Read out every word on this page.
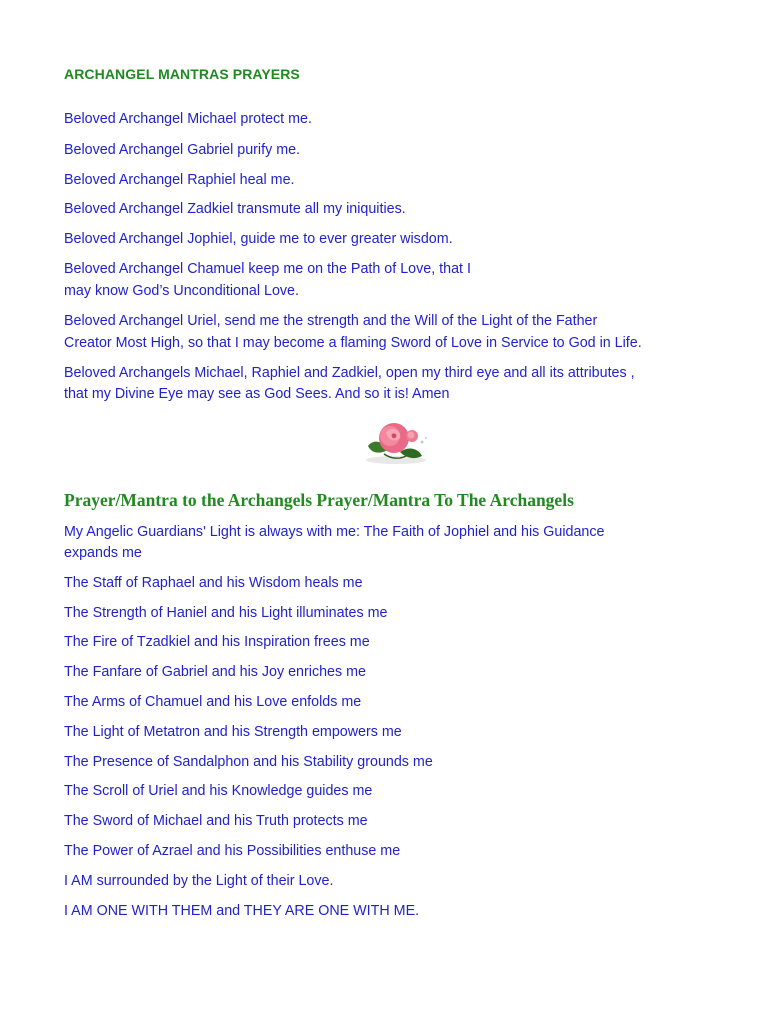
ARCHANGEL MANTRAS PRAYERS
Beloved Archangel Michael protect me.
Beloved Archangel Gabriel purify me.
Beloved Archangel Raphiel heal me.
Beloved Archangel Zadkiel transmute all my iniquities.
Beloved Archangel Jophiel, guide me to ever greater wisdom.
Beloved Archangel Chamuel keep me on the Path of Love, that I
may know God’s Unconditional Love.
Beloved Archangel Uriel, send me the strength and the Will of the Light of the Father
Creator Most High, so that I may become a flaming Sword of Love in Service to God in Life.
Beloved Archangels Michael, Raphiel and Zadkiel, open my third eye and all its attributes ,
that my Divine Eye may see as God Sees. And so it is! Amen
Prayer/Mantra to the Archangels Prayer/Mantra To The Archangels
My Angelic Guardians' Light is always with me: The Faith of Jophiel and his Guidance
expands me
The Staff of Raphael and his Wisdom heals me
The Strength of Haniel and his Light illuminates me
The Fire of Tzadkiel and his Inspiration frees me
The Fanfare of Gabriel and his Joy enriches me
The Arms of Chamuel and his Love enfolds me
The Light of Metatron and his Strength empowers me
The Presence of Sandalphon and his Stability grounds me
The Scroll of Uriel and his Knowledge guides me
The Sword of Michael and his Truth protects me
The Power of Azrael and his Possibilities enthuse me
I AM surrounded by the Light of their Love.
I AM ONE WITH THEM and THEY ARE ONE WITH ME.
